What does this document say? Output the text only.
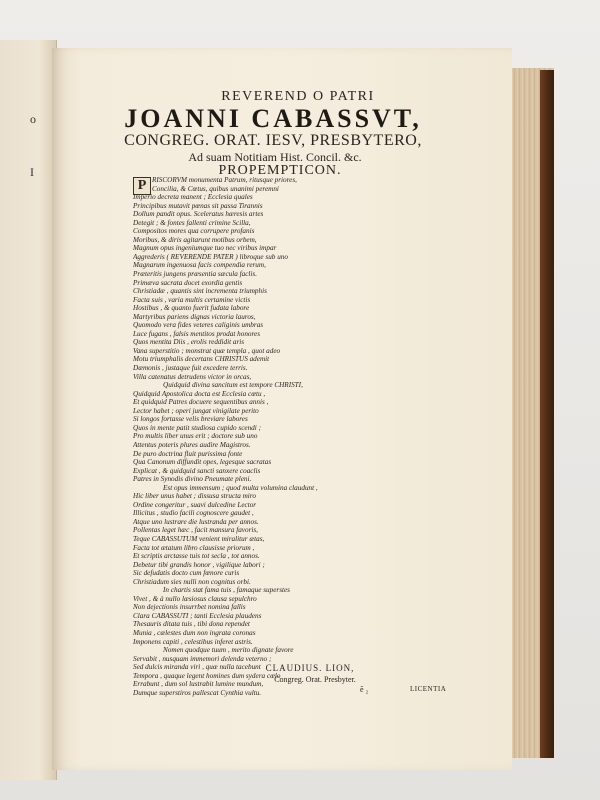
o
I
REVEREND O PATRI
JOANNI CABASSVT,
CONGREG. ORAT. IESV, PRESBYTERO,
Ad suam Notitiam Hist. Concil. &c.
PROPEMPTICON.
P RISCORVM monumenta Patrum, ritusque priores,
Concilia, & Cœtus, quibus unanimi peremni
Imperio decreta manent ; Ecclesia quales
Principibus mutavit pœnas sit passa Tirannis
Dollum pandit opus. Sceleratus hæresis artes
Detegit ; & fontes fallenti crimine Scilla,
Compositos mores qua corrupere profanis
Moribus, & diris agitarunt motibus orbem,
Magnum opus ingeniumque tuo nec viribus impar
Aggrederis ( REVERENDE PATER ) libroque sub uno
Magnarum ingenuosa facis compendia rerum,
Præteritis jungens præsentia sæcula faclis.
Primæva sacrata docet exordia gentis
Christiadæ , quantis sint incrementa triumphis
Facta suis , varia multis certamine victis
Hostibus , & quanto fuerit fudata labore
Martyribus pariens dignas victoria lauros,
Quomodo vera fides veteres caliginis umbras
Luce fugans , falsis mentitos prodat honores
Quos mentita Diis , erolis reddidit aris
Vana superstitio ; monstrat quæ templa , quot adeo
Motu triumphalis decertans CHRISTUS ademit
Dæmonis , justaque fuit excedere terris.
Villa catenatus detrudens victor in orcas,
Quidquid divina sancitum est tempore CHRISTI,
Quidquid Apostolica docta est Ecclesia cœtu ,
Et quidquid Patres docuere sequentibus annis ,
Lector habet ; operi jungat vinigilate perito
Si longos fortasse velis breviare labores
Quos in mente patit studiosa cupido scendi ;
Pro multis liber unus erit ; doctore sub uno
Attentus poteris plures audire Magistros.
De puro doctrina fluit purissima fonte
Qua Canonum diffundit opes, legesque sacratas
Explicat , & quidquid sancti sanxere coaclis
Patres in Synodis divino Pneumate pleni.
Est opus immensum ; quod multa volumina claudunt ,
Hic liber unus habet ; dissusa structa miro
Ordine congeritur , suavi dulcedine Lector
Illicitus , studio facili cognoscere gaudet ,
Atque uno lustrare die lustranda per annos.
Pollentas leget hæc , facit mansura favoris,
Teque CABASSUTUM venient miralitur ætas,
Facta tot ætatum libro clausisse priorum ,
Et scriptis arctasse tuis tot secla , tot annos.
Debetur tibi grandis honor , vigilique labori ;
Sic defudatis docto cum fœnore curis
Christiadum sies nulli non cognitus orbi.
In chartis stat fama tuis , famaque superstes
Vivet , & à nullo læsiosus clausa sepulchro
Non dejectionis insurrbet nomina fallis
Clara CABASSUTI ; tanti Ecclesia plaudens
Thesauris ditata tuis , tibi dona rependet
Munia , cælestes dum non ingrata coronas
Imponens capiti , celestibus inferet astris.
Nomen quodque tuum , merito dignate favore
Servabit , nusquam immemori delenda veterno ;
Sed dulcis miranda viri , quæ nulla tacebunt
Tempora , quaque legent homines dum sydera cœlo
Errabunt , dum sol lustrabit lumine mundum,
Dumque superstiros pallescat Cynthia vultu.
CLAUDIUS. LION,
Congreg. Orat. Presbyter.
ẽ ₂	LICENTIA
